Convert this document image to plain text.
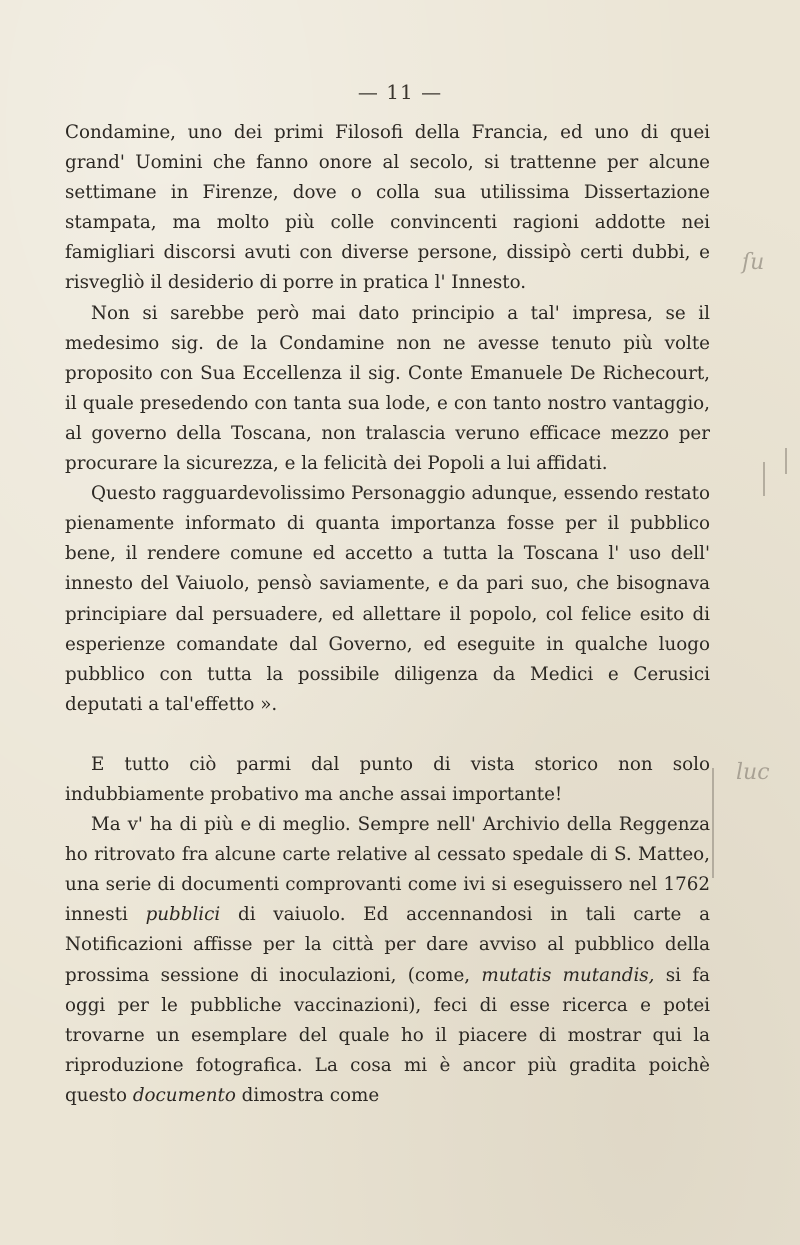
— 11 —

Condamine, uno dei primi Filosofi della Francia, ed uno di quei grand' Uomini che fanno onore al secolo, si trattenne per alcune settimane in Firenze, dove o colla sua utilissima Dissertazione stampata, ma molto più colle convincenti ragioni addotte nei famigliari discorsi avuti con diverse persone, dissipò certi dubbi, e risvegliò il desiderio di porre in pratica l' Innesto.

Non si sarebbe però mai dato principio a tal' impresa, se il medesimo sig. de la Condamine non ne avesse tenuto più volte proposito con Sua Eccellenza il sig. Conte Emanuele De Richecourt, il quale presedendo con tanta sua lode, e con tanto nostro vantaggio, al governo della Toscana, non tralascia veruno efficace mezzo per procurare la sicurezza, e la felicità dei Popoli a lui affidati.

Questo ragguardevolissimo Personaggio adunque, essendo restato pienamente informato di quanta importanza fosse per il pubblico bene, il rendere comune ed accetto a tutta la Toscana l' uso dell' innesto del Vaiuolo, pensò saviamente, e da pari suo, che bisognava principiare dal persuadere, ed allettare il popolo, col felice esito di esperienze comandate dal Governo, ed eseguite in qualche luogo pubblico con tutta la possibile diligenza da Medici e Cerusici deputati a tal'effetto ».

E tutto ciò parmi dal punto di vista storico non solo indubbiamente probativo ma anche assai importante!

Ma v' ha di più e di meglio. Sempre nell' Archivio della Reggenza ho ritrovato fra alcune carte relative al cessato spedale di S. Matteo, una serie di documenti comprovanti come ivi si eseguissero nel 1762 innesti pubblici di vaiuolo. Ed accennandosi in tali carte a Notificazioni affisse per la città per dare avviso al pubblico della prossima sessione di inoculazioni, (come, mutatis mutandis, si fa oggi per le pubbliche vaccinazioni), feci di esse ricerca e potei trovarne un esemplare del quale ho il piacere di mostrar qui la riproduzione fotografica. La cosa mi è ancor più gradita poichè questo documento dimostra come

ſu
luc
